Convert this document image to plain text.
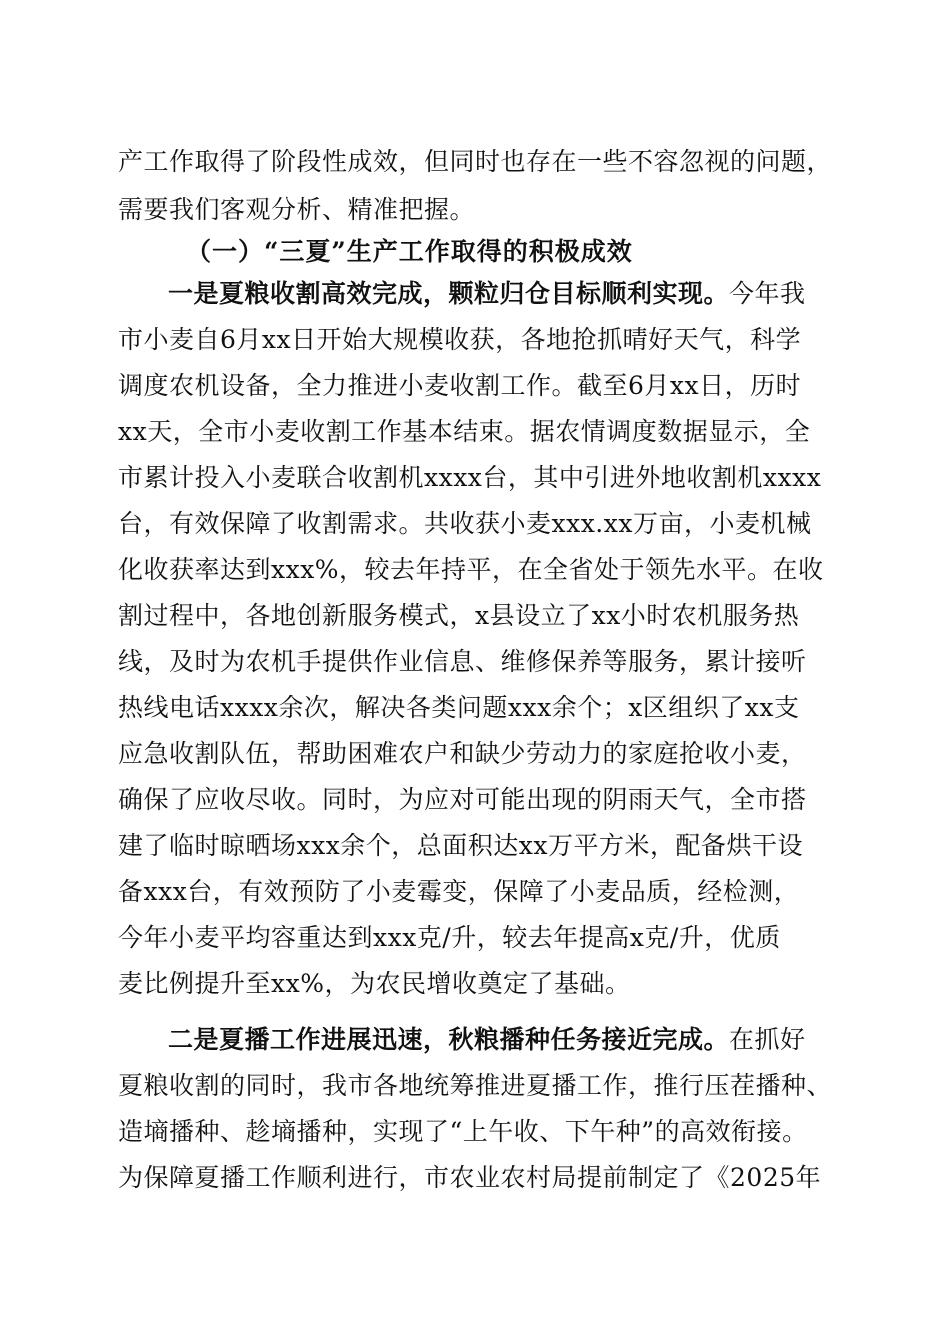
产工作取得了阶段性成效，但同时也存在一些不容忽视的问题，
需要我们客观分析、精准把握。
（一）“三夏”生产工作取得的积极成效
一是夏粮收割高效完成，颗粒归仓目标顺利实现。今年我
市小麦自6月xx日开始大规模收获，各地抢抓晴好天气，科学
调度农机设备，全力推进小麦收割工作。截至6月xx日，历时
xx天，全市小麦收割工作基本结束。据农情调度数据显示，全
市累计投入小麦联合收割机xxxx台，其中引进外地收割机xxxx
台，有效保障了收割需求。共收获小麦xxx.xx万亩，小麦机械
化收获率达到xxx%，较去年持平，在全省处于领先水平。在收
割过程中，各地创新服务模式，x县设立了xx小时农机服务热
线，及时为农机手提供作业信息、维修保养等服务，累计接听
热线电话xxxx余次，解决各类问题xxx余个；x区组织了xx支
应急收割队伍，帮助困难农户和缺少劳动力的家庭抢收小麦，
确保了应收尽收。同时，为应对可能出现的阴雨天气，全市搭
建了临时晾晒场xxx余个，总面积达xx万平方米，配备烘干设
备xxx台，有效预防了小麦霉变，保障了小麦品质，经检测，
今年小麦平均容重达到xxx克/升，较去年提高x克/升，优质
麦比例提升至xx%，为农民增收奠定了基础。
二是夏播工作进展迅速，秋粮播种任务接近完成。在抓好
夏粮收割的同时，我市各地统筹推进夏播工作，推行压茬播种、
造墒播种、趁墒播种，实现了“上午收、下午种”的高效衔接。
为保障夏播工作顺利进行，市农业农村局提前制定了《2025年
